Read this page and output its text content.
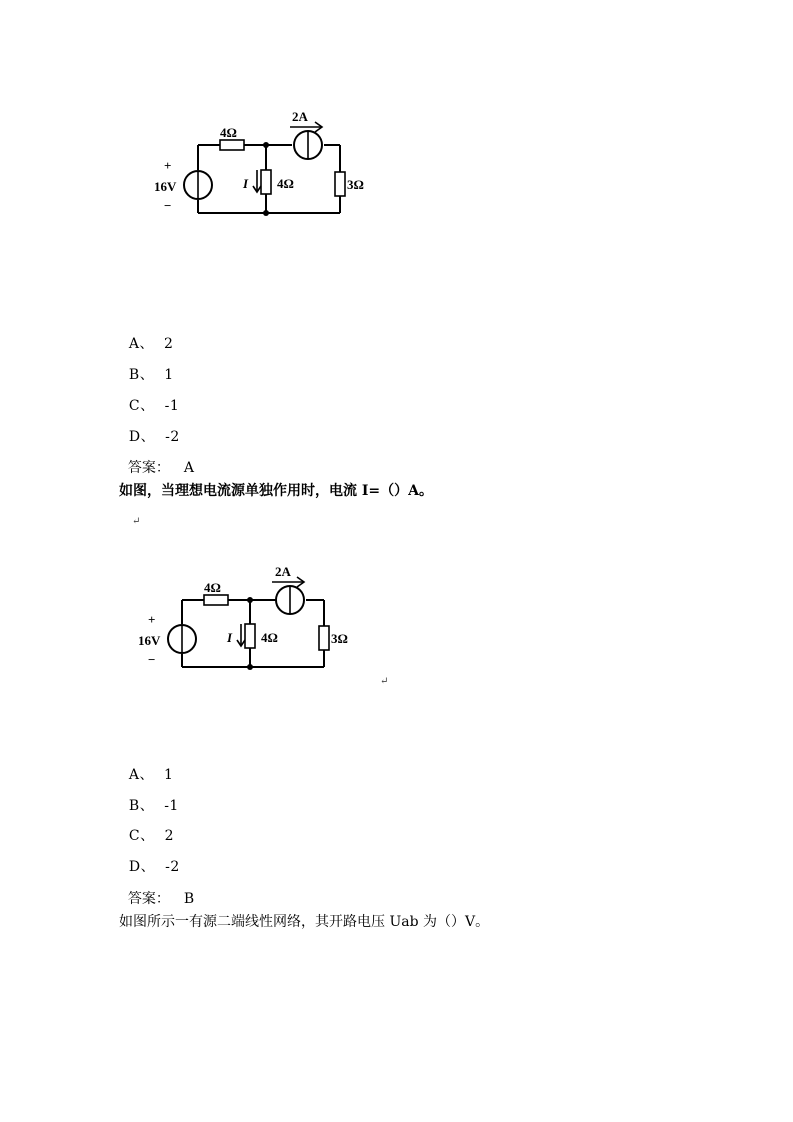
4Ω
2A
4Ω	3Ω
16V
+
−
I

A、 2

B、 1

C、 -1

D、 -2

答案： A

如图，当理想电流源单独作用时，电流 I=（）A。
↵
4Ω
2A
4Ω	3Ω
16V
+
−
I
↵

A、 1

B、 -1

C、 2

D、 -2

答案： B

如图所示一有源二端线性网络，其开路电压 Uab 为（）V。
